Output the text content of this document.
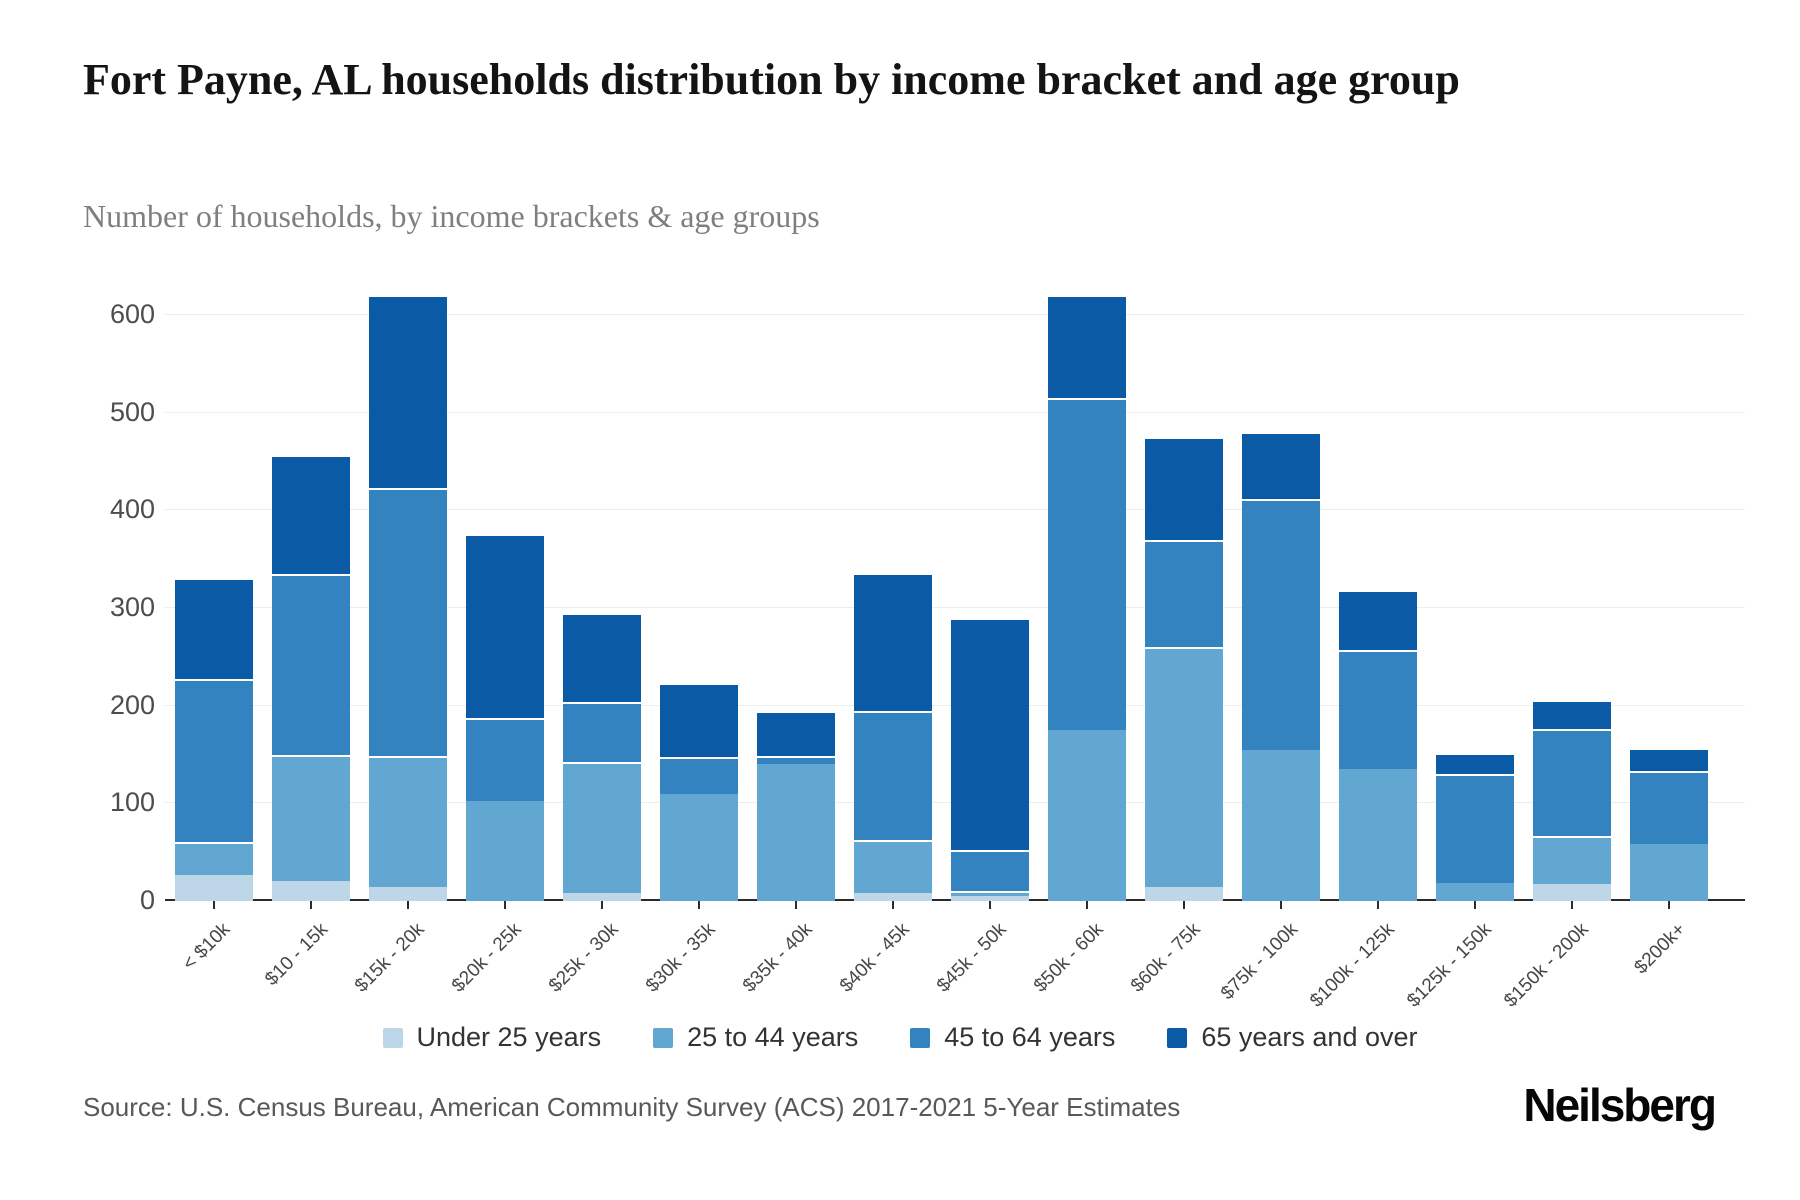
Fort Payne, AL households distribution by income bracket and age group
Number of households, by income brackets & age groups
0
100
200
300
400
500
600
< $10k $10 - 15k $15k - 20k $20k - 25k $25k - 30k $30k - 35k $35k - 40k $40k - 45k $45k - 50k $50k - 60k $60k - 75k $75k - 100k $100k - 125k $125k - 150k $150k - 200k $200k+
Under 25 years	25 to 44 years	45 to 64 years	65 years and over
Source: U.S. Census Bureau, American Community Survey (ACS) 2017-2021 5-Year Estimates	Neilsberg
